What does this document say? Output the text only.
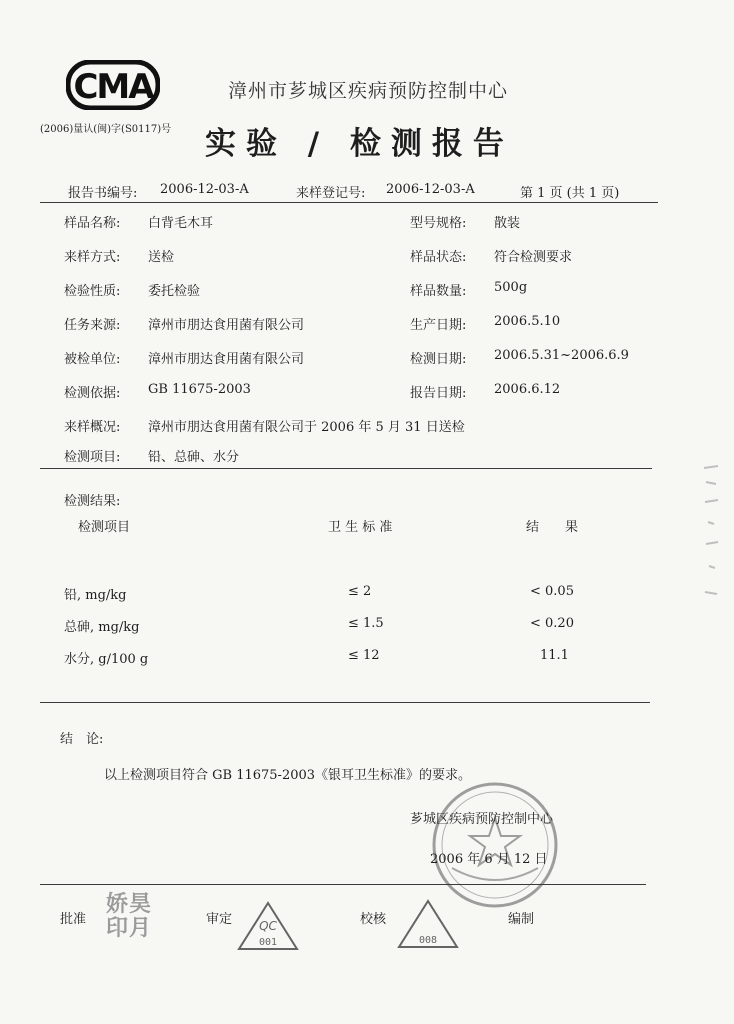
CMA
(2006)量认(闽)字(S0117)号
漳州市芗城区疾病预防控制中心
实验 / 检测报告
报告书编号: 2006-12-03-A	来样登记号: 2006-12-03-A	第 1 页 (共 1 页)
样品名称: 白背毛木耳	型号规格: 散装
来样方式: 送检	样品状态: 符合检测要求
检验性质: 委托检验	样品数量: 500g
任务来源: 漳州市朋达食用菌有限公司	生产日期: 2006.5.10
被检单位: 漳州市朋达食用菌有限公司	检测日期: 2006.5.31~2006.6.9
检测依据: GB 11675-2003	报告日期: 2006.6.12
来样概况: 漳州市朋达食用菌有限公司于 2006 年 5 月 31 日送检
检测项目: 铅、总砷、水分
检测结果:
检测项目	卫 生 标 准	结　　果
铅, mg/kg	≤ 2	< 0.05
总砷, mg/kg	≤ 1.5	< 0.20
水分, g/100 g	≤ 12	11.1
结　论:
以上检测项目符合 GB 11675-2003《银耳卫生标准》的要求。
芗城区疾病预防控制中心
2006 年 6 月 12 日
批准
娇昊印月	审定 QC
001
校核
008
编制
